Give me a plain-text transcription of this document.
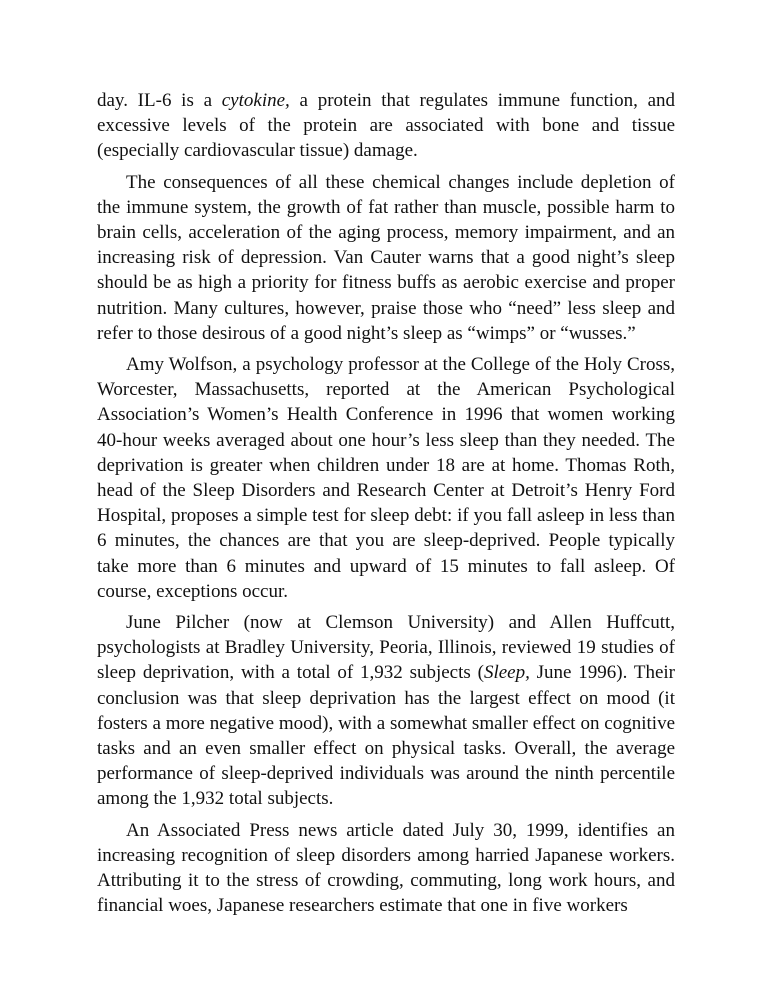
day. IL-6 is a cytokine, a protein that regulates immune function, and excessive levels of the protein are associated with bone and tissue (especially cardiovascular tissue) damage.

The consequences of all these chemical changes include depletion of the immune system, the growth of fat rather than muscle, possible harm to brain cells, acceleration of the aging process, memory impairment, and an increasing risk of depression. Van Cauter warns that a good night’s sleep should be as high a priority for fitness buffs as aerobic exercise and proper nutrition. Many cultures, however, praise those who “need” less sleep and refer to those desirous of a good night’s sleep as “wimps” or “wusses.”

Amy Wolfson, a psychology professor at the College of the Holy Cross, Worcester, Massachusetts, reported at the American Psychological Association’s Women’s Health Conference in 1996 that women working 40-hour weeks averaged about one hour’s less sleep than they needed. The deprivation is greater when children under 18 are at home. Thomas Roth, head of the Sleep Disorders and Research Center at Detroit’s Henry Ford Hospital, proposes a simple test for sleep debt: if you fall asleep in less than 6 minutes, the chances are that you are sleep-deprived. People typically take more than 6 minutes and upward of 15 minutes to fall asleep. Of course, exceptions occur.

June Pilcher (now at Clemson University) and Allen Huffcutt, psychologists at Bradley University, Peoria, Illinois, reviewed 19 studies of sleep deprivation, with a total of 1,932 subjects (Sleep, June 1996). Their conclusion was that sleep deprivation has the largest effect on mood (it fosters a more negative mood), with a somewhat smaller effect on cognitive tasks and an even smaller effect on physical tasks. Overall, the average performance of sleep-deprived individuals was around the ninth percentile among the 1,932 total subjects.

An Associated Press news article dated July 30, 1999, identifies an increasing recognition of sleep disorders among harried Japanese workers. Attributing it to the stress of crowding, commuting, long work hours, and financial woes, Japanese researchers estimate that one in five workers
